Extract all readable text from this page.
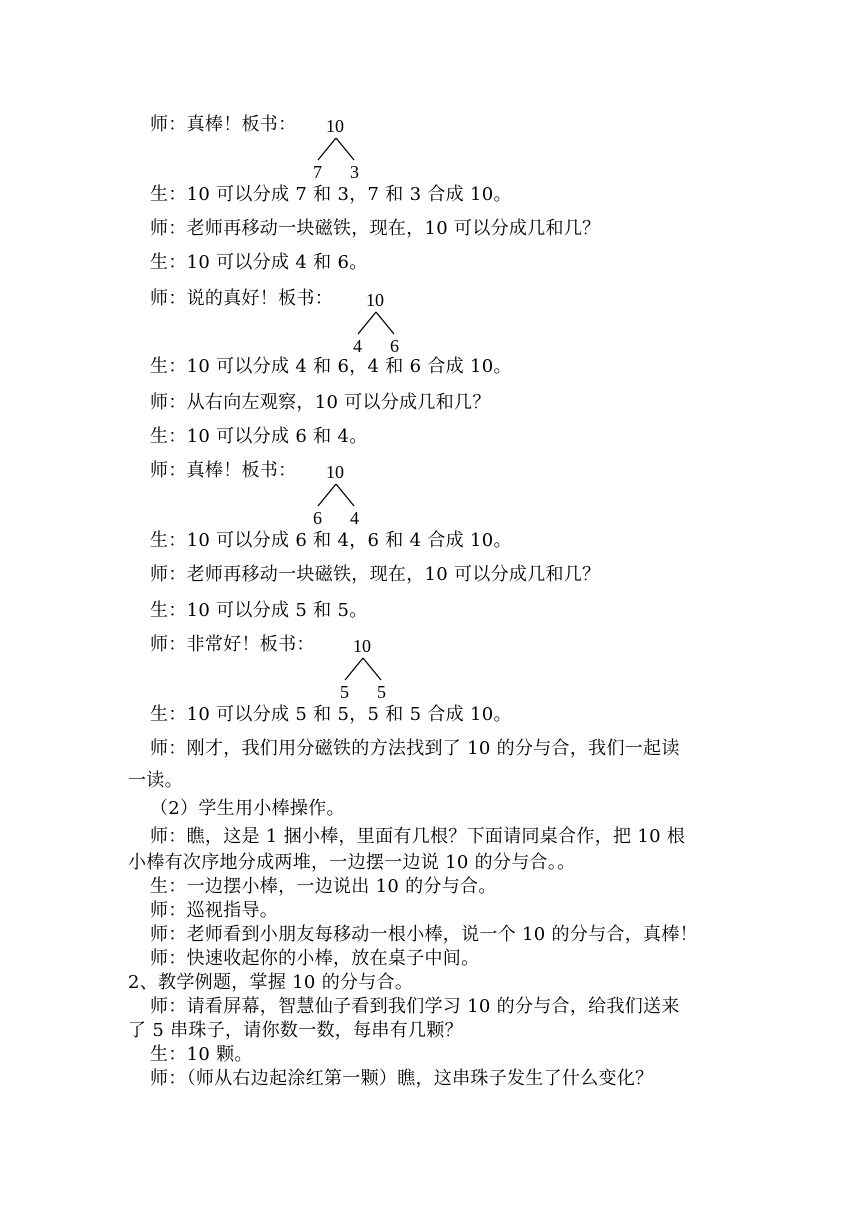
师：真棒！板书：
生：10 可以分成 7 和 3，7 和 3 合成 10。
师：老师再移动一块磁铁，现在，10 可以分成几和几？
生：10 可以分成 4 和 6。
师：说的真好！板书：
生：10 可以分成 4 和 6，4 和 6 合成 10。
师：从右向左观察，10 可以分成几和几？
生：10 可以分成 6 和 4。
师：真棒！板书：
生：10 可以分成 6 和 4，6 和 4 合成 10。
师：老师再移动一块磁铁，现在，10 可以分成几和几？
生：10 可以分成 5 和 5。
师：非常好！板书：
生：10 可以分成 5 和 5，5 和 5 合成 10。
师：刚才，我们用分磁铁的方法找到了 10 的分与合，我们一起读
一读。
（2）学生用小棒操作。
师：瞧，这是 1 捆小棒，里面有几根？下面请同桌合作，把 10 根
小棒有次序地分成两堆，一边摆一边说 10 的分与合。。
生：一边摆小棒，一边说出 10 的分与合。
师：巡视指导。
师：老师看到小朋友每移动一根小棒，说一个 10 的分与合，真棒！
师：快速收起你的小棒，放在桌子中间。
2、教学例题，掌握 10 的分与合。
师：请看屏幕，智慧仙子看到我们学习 10 的分与合，给我们送来
了 5 串珠子，请你数一数，每串有几颗？
生：10 颗。
师：（师从右边起涂红第一颗）瞧，这串珠子发生了什么变化？
10
7 3
10
4 6
10
6 4
10
5 5
